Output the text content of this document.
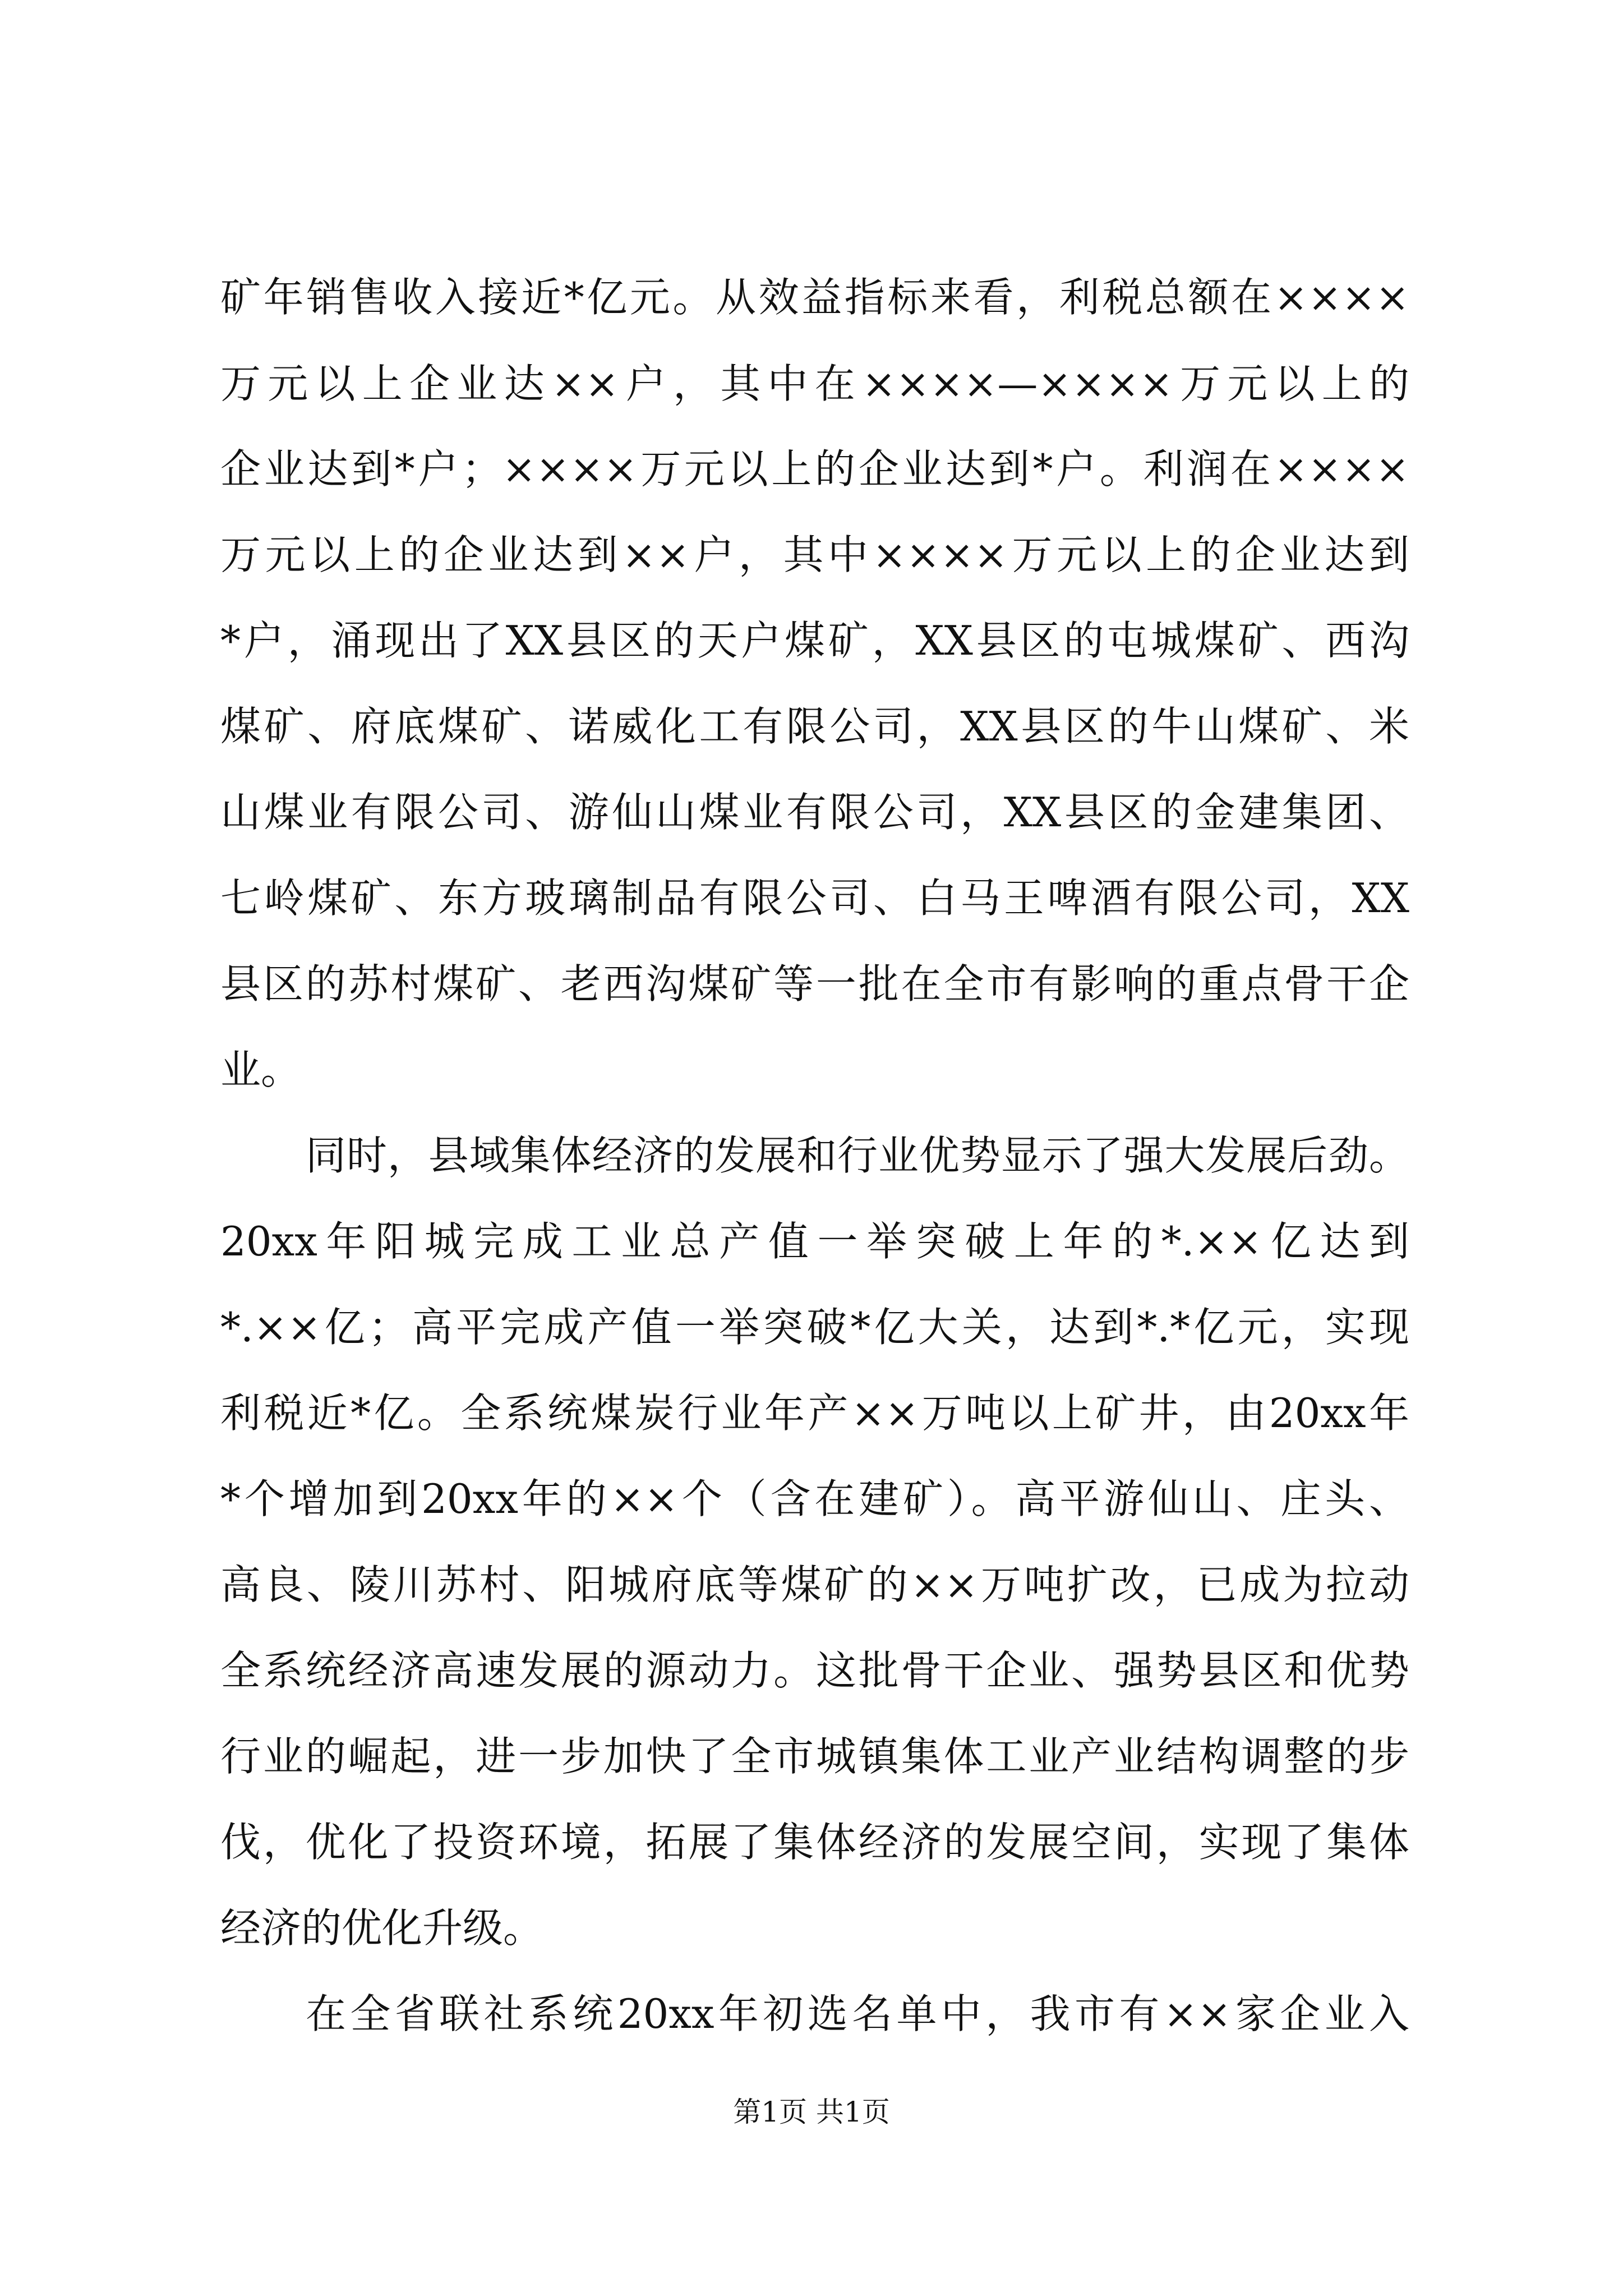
矿年销售收入接近*亿元。从效益指标来看，利税总额在××××
万元以上企业达××户，其中在××××—××××万元以上的
企业达到*户；××××万元以上的企业达到*户。利润在××××
万元以上的企业达到××户，其中××××万元以上的企业达到
*户，涌现出了XX县区的天户煤矿，XX县区的屯城煤矿、西沟
煤矿、府底煤矿、诺威化工有限公司，XX县区的牛山煤矿、米
山煤业有限公司、游仙山煤业有限公司，XX县区的金建集团、
七岭煤矿、东方玻璃制品有限公司、白马王啤酒有限公司，XX
县区的苏村煤矿、老西沟煤矿等一批在全市有影响的重点骨干企
业。
同时，县域集体经济的发展和行业优势显示了强大发展后劲。
20xx年阳城完成工业总产值一举突破上年的*.××亿达到
*.××亿；高平完成产值一举突破*亿大关，达到*.*亿元，实现
利税近*亿。全系统煤炭行业年产××万吨以上矿井，由20xx年
*个增加到20xx年的××个（含在建矿）。高平游仙山、庄头、
高良、陵川苏村、阳城府底等煤矿的××万吨扩改，已成为拉动
全系统经济高速发展的源动力。这批骨干企业、强势县区和优势
行业的崛起，进一步加快了全市城镇集体工业产业结构调整的步
伐，优化了投资环境，拓展了集体经济的发展空间，实现了集体
经济的优化升级。
在全省联社系统20xx年初选名单中，我市有××家企业入
第1页 共1页
